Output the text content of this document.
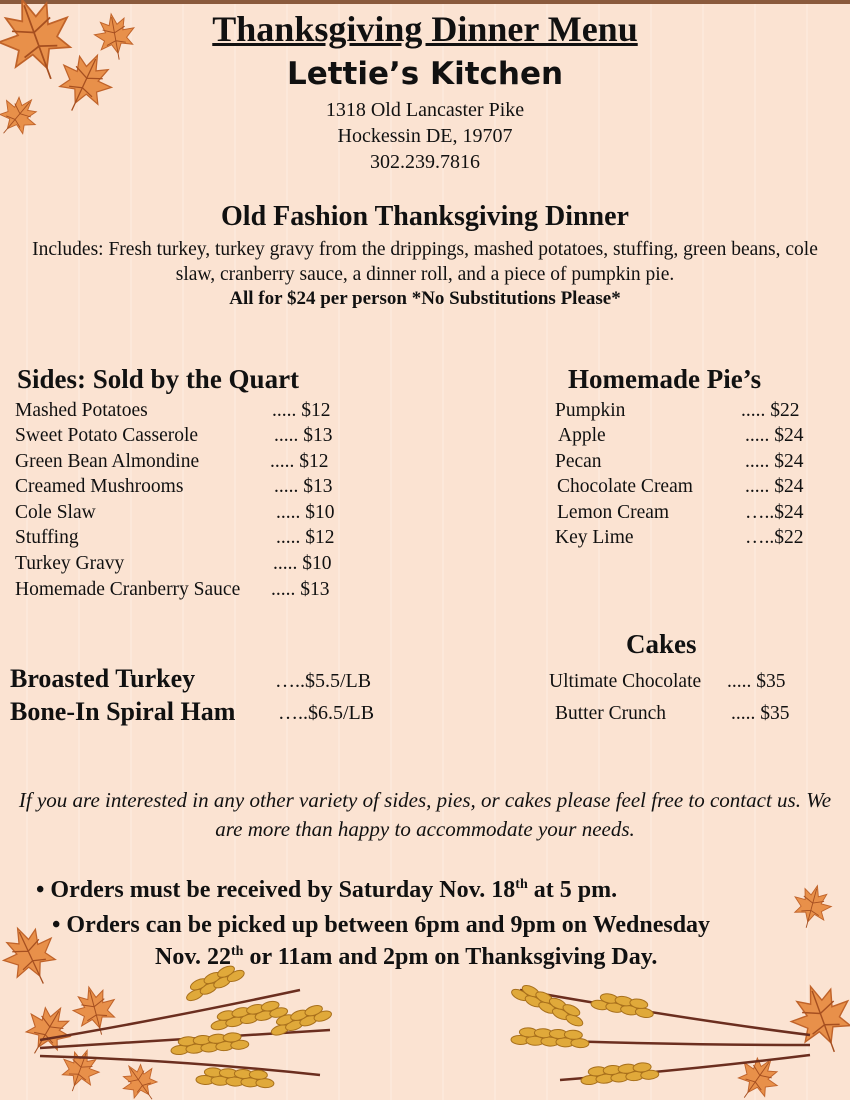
Thanksgiving Dinner Menu
Lettie’s Kitchen
1318 Old Lancaster Pike
Hockessin DE, 19707
302.239.7816
Old Fashion Thanksgiving Dinner
Includes: Fresh turkey, turkey gravy from the drippings, mashed potatoes, stuffing, green beans, cole slaw, cranberry sauce, a dinner roll, and a piece of pumpkin pie.
All for $24 per person *No Substitutions Please*
Sides: Sold by the Quart
Mashed Potatoes	..... $12
Sweet Potato Casserole	..... $13
Green Bean Almondine	..... $12
Creamed Mushrooms	..... $13
Cole Slaw	..... $10
Stuffing	..... $12
Turkey Gravy	..... $10
Homemade Cranberry Sauce ..... $13
Homemade Pie’s
Pumpkin	..... $22
Apple	..... $24
Pecan	..... $24
Chocolate Cream	..... $24
Lemon Cream	…..$24
Key Lime	…..$22
Broasted Turkey	…..$5.5/LB
Bone-In Spiral Ham …..$6.5/LB
Cakes
Ultimate Chocolate ..... $35
Butter Crunch	..... $35
If you are interested in any other variety of sides, pies, or cakes please feel free to contact us. We are more than happy to accommodate your needs.
• Orders must be received by Saturday Nov. 18th at 5 pm.
• Orders can be picked up between 6pm and 9pm on Wednesday
Nov. 22th or 11am and 2pm on Thanksgiving Day.
